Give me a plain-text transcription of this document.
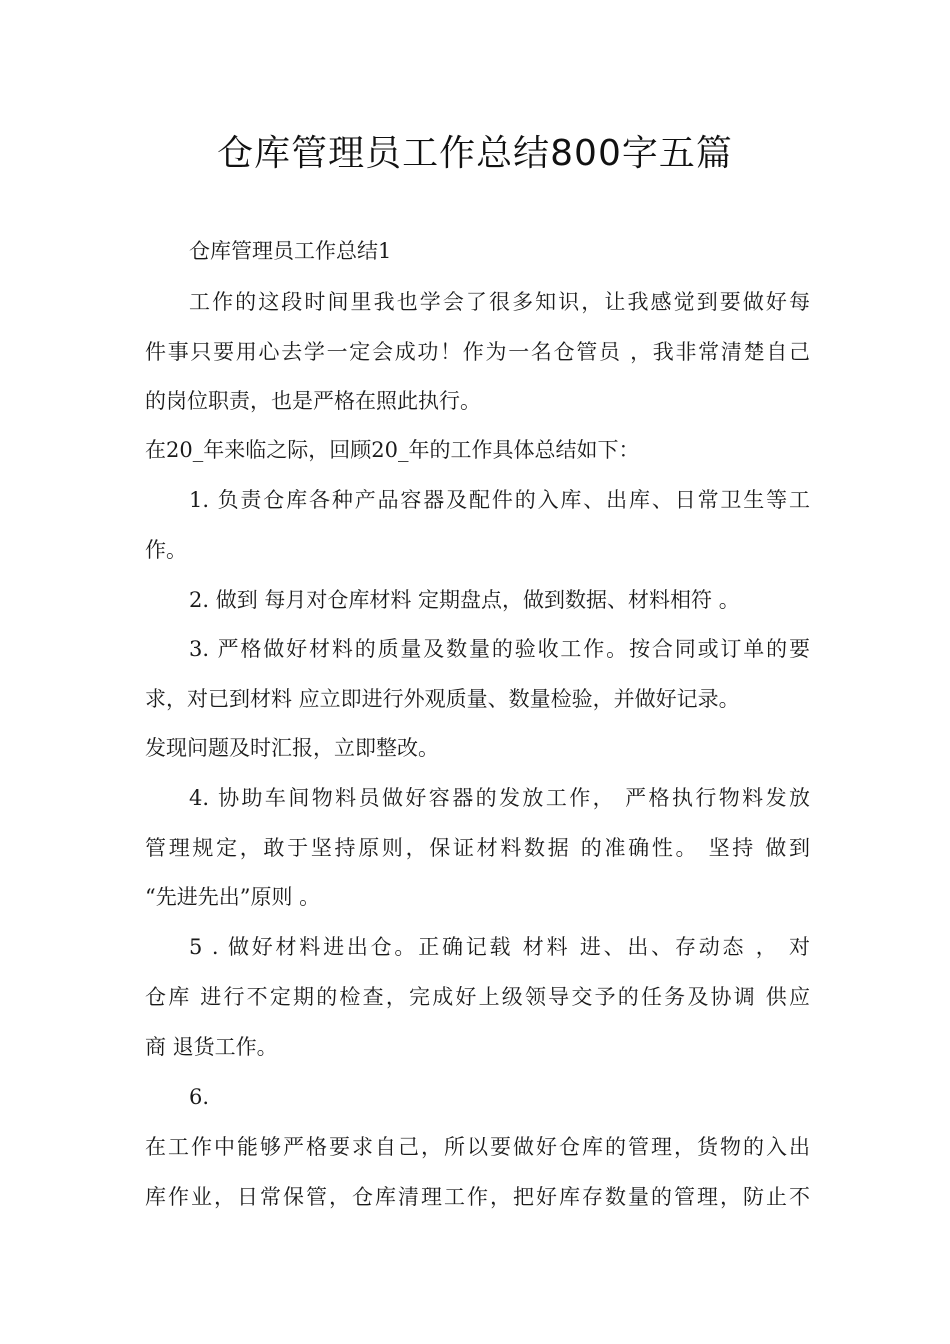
仓库管理员工作总结800字五篇
仓库管理员工作总结1
工作的这段时间里我也学会了很多知识，让我感觉到要做好每
件事只要用心去学一定会成功！作为一名仓管员 ，我非常清楚自己
的岗位职责，也是严格在照此执行。
在20_年来临之际，回顾20_年的工作具体总结如下：
1. 负责仓库各种产品容器及配件的入库、出库、日常卫生等工
作。
2. 做到 每月对仓库材料 定期盘点，做到数据、材料相符 。
3. 严格做好材料的质量及数量的验收工作。按合同或订单的要
求，对已到材料 应立即进行外观质量、数量检验，并做好记录。
发现问题及时汇报，立即整改。
4. 协助车间物料员做好容器的发放工作， 严格执行物料发放
管理规定，敢于坚持原则，保证材料数据 的准确性。 坚持 做到
“先进先出”原则 。
5 . 做好材料进出仓。正确记载 材料 进、出、存动态 ， 对
仓库 进行不定期的检查，完成好上级领导交予的任务及协调 供应
商 退货工作。
6.
在工作中能够严格要求自己，所以要做好仓库的管理，货物的入出
库作业，日常保管，仓库清理工作，把好库存数量的管理，防止不
